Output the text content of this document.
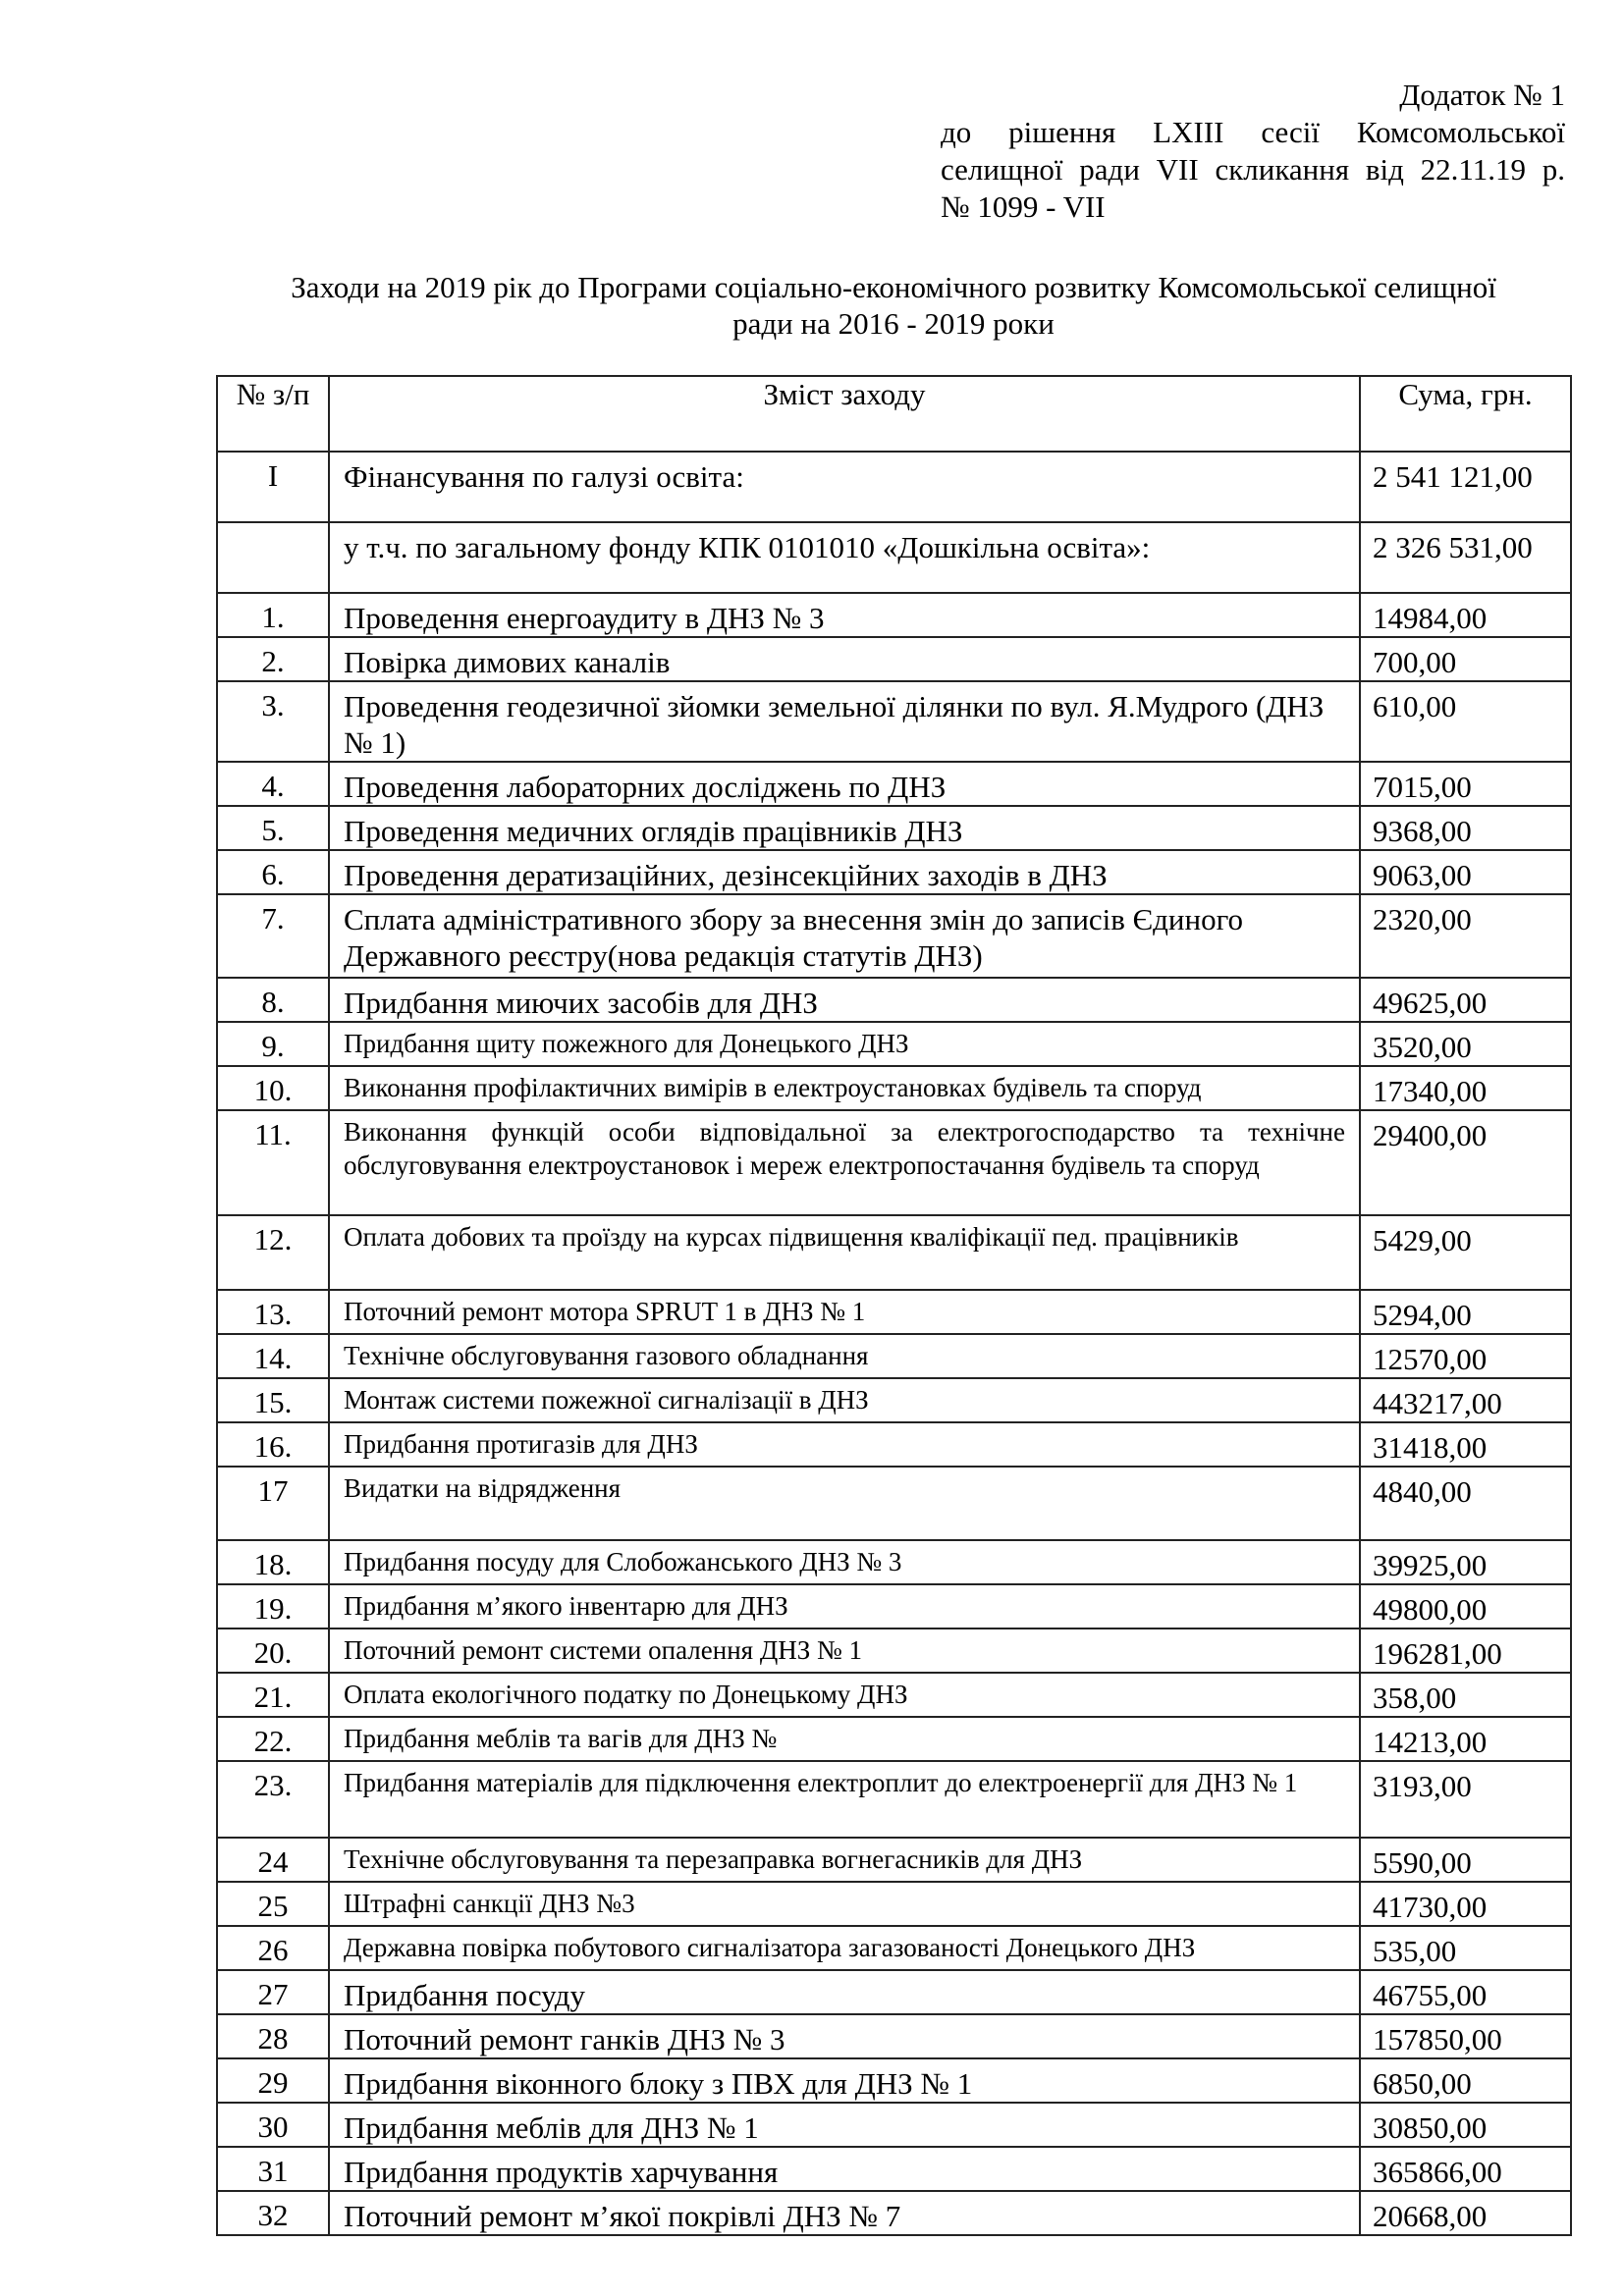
Додаток № 1
до рішення LXIII сесії Комсомольської
селищної ради VII скликання від 22.11.19 р.
№ 1099 - VII
Заходи на 2019 рік до Програми соціально-економічного розвитку Комсомольської селищної
ради на 2016 - 2019 роки
№ з/п	Зміст заходу	Сума, грн.
I	Фінансування по галузі освіта:	2 541 121,00
	у т.ч. по загальному фонду КПК 0101010 «Дошкільна освіта»:	2 326 531,00
1.	Проведення енергоаудиту в ДНЗ № 3	14984,00
2.	Повірка димових каналів	700,00
3.	Проведення геодезичної зйомки земельної ділянки по вул. Я.Мудрого (ДНЗ № 1)	610,00
4.	Проведення лабораторних досліджень по ДНЗ	7015,00
5.	Проведення медичних оглядів працівників ДНЗ	9368,00
6.	Проведення дератизаційних, дезінсекційних заходів в ДНЗ	9063,00
7.	Сплата адміністративного збору за внесення змін до записів Єдиного Державного реєстру(нова редакція статутів ДНЗ)	2320,00
8.	Придбання миючих засобів для ДНЗ	49625,00
9.	Придбання щиту пожежного для Донецького ДНЗ	3520,00
10.	Виконання профілактичних вимірів в електроустановках будівель та споруд	17340,00
11.	Виконання функцій особи відповідальної за електрогосподарство та технічне обслуговування електроустановок і мереж електропостачання будівель та споруд	29400,00
12.	Оплата добових та проїзду на курсах підвищення кваліфікації пед. працівників	5429,00
13.	Поточний ремонт мотора SPRUT 1 в ДНЗ № 1	5294,00
14.	Технічне обслуговування газового обладнання	12570,00
15.	Монтаж системи пожежної сигналізації в ДНЗ	443217,00
16.	Придбання протигазів для ДНЗ	31418,00
17	Видатки на відрядження	4840,00
18.	Придбання посуду для Слобожанського ДНЗ № 3	39925,00
19.	Придбання м’якого інвентарю для ДНЗ	49800,00
20.	Поточний ремонт системи опалення ДНЗ № 1	196281,00
21.	Оплата екологічного податку по Донецькому ДНЗ	358,00
22.	Придбання меблів та вагів для ДНЗ №	14213,00
23.	Придбання матеріалів для підключення електроплит до електроенергії для ДНЗ № 1	3193,00
24	Технічне обслуговування та перезаправка вогнегасників для ДНЗ	5590,00
25	Штрафні санкції ДНЗ №3	41730,00
26	Державна повірка побутового сигналізатора загазованості Донецького ДНЗ	535,00
27	Придбання посуду	46755,00
28	Поточний ремонт ганків ДНЗ № 3	157850,00
29	Придбання віконного блоку з ПВХ для ДНЗ № 1	6850,00
30	Придбання меблів для ДНЗ № 1	30850,00
31	Придбання продуктів харчування	365866,00
32	Поточний ремонт м’якої покрівлі ДНЗ № 7	20668,00
